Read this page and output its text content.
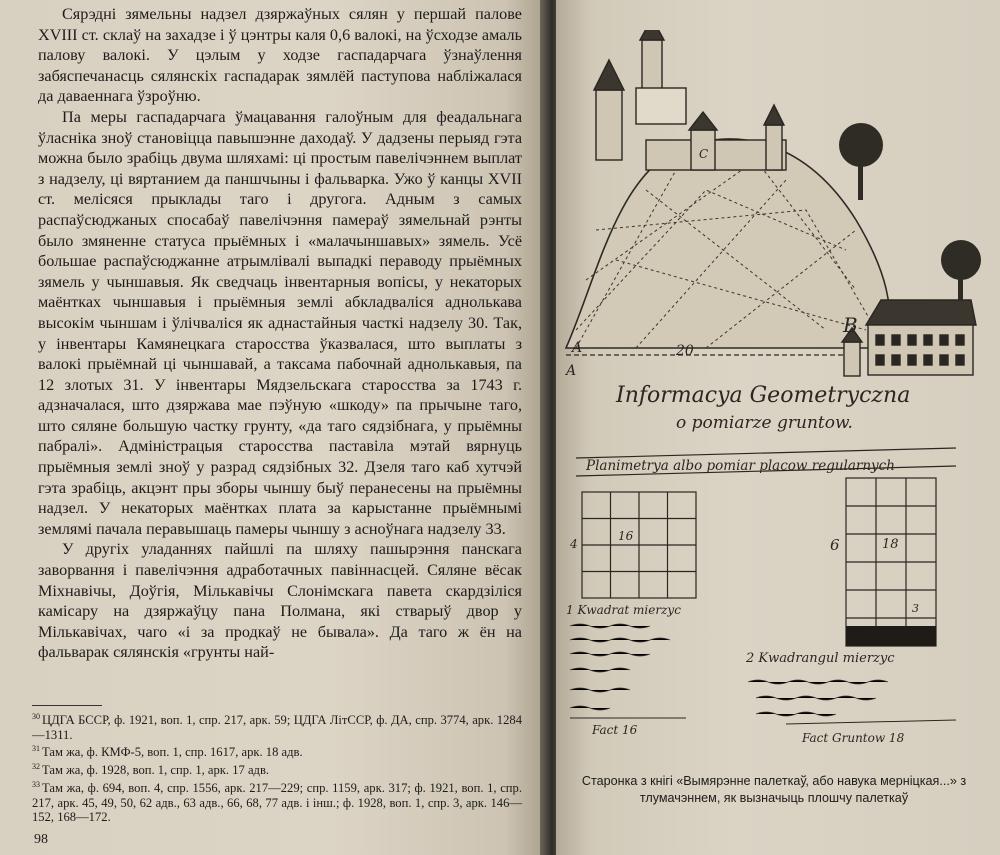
Сярэдні зямельны надзел дзяржаўных сялян у першай палове XVIII ст. склаў на захадзе і ў цэнтры каля 0,6 валокі, на ўсходзе амаль палову валокі. У цэлым у ходзе гаспадарчага ўзнаўлення забяспечанасць сялянскіх гаспадарак зямлёй паступова набліжалася да даваеннага ўзроўню.

Па меры гаспадарчага ўмацавання галоўным для феадальнага ўласніка зноў становіцца павышэнне даходаў. У дадзены перыяд гэта можна было зрабіць двума шляхамі: ці простым павелічэннем выплат з надзелу, ці вяртанием да паншчыны і фальварка. Ужо ў канцы XVII ст. мелісяся прыклады таго і другога. Адным з самых распаўсюджаных спосабаў павелічэння памераў зямельнай рэнты было змяненне статуса прыёмных і «малачыншавых» зямель. Усё большае распаўсюджанне атрымлівалі выпадкі пераводу прыёмных зямель у чыншавыя. Як сведчаць інвентарныя вопісы, у некаторых маёнтках чыншавыя і прыёмныя землі абкладваліся аднолькава высокім чыншам і ўлічваліся як аднастайныя часткі надзелу 30. Так, у інвентары Камянецкага старосства ўказвалася, што выплаты з валокі прыёмнай ці чыншавай, а таксама пабочнай аднолькавыя, па 12 злотых 31. У інвентары Мядзельскага старосства за 1743 г. адзначалася, што дзяржава мае пэўную «шкоду» па прычыне таго, што сяляне большую частку грунту, «да таго сядзібнага, у прыёмны пабралі». Адміністрацыя старосства паставіла мэтай вярнуць прыёмныя землі зноў у разрад сядзібных 32. Дзеля таго каб хутчэй гэта зрабіць, акцэнт пры зборы чыншу быў перанесены на прыёмны надзел. У некаторых маёнтках плата за карыстанне прыёмнымі землямі пачала перавышаць памеры чыншу з асноўнага надзелу 33.

У другіх уладаннях пайшлі па шляху пашырэння панскага заворвання і павелічэння адработачных павіннасцей. Сяляне вёсак Міхнавічы, Доўгія, Мількавічы Слонімскага павета скардзіліся камісару на дзяржаўцу пана Полмана, які стварыў двор у Мількавічах, чаго «і за продкаў не бывала». Да таго ж ён на фальварак сялянскія «грунты най-

$^{30}$ ЦДГА БССР, ф. 1921, воп. 1, спр. 217, арк. 59; ЦДГА ЛітССР, ф. ДА, спр. 3774, арк. 1284—1311.

$^{31}$ Там жа, ф. КМФ-5, воп. 1, спр. 1617, арк. 18 адв.

$^{32}$ Там жа, ф. 1928, воп. 1, спр. 1, арк. 17 адв.

$^{33}$ Там жа, ф. 694, воп. 4, спр. 1556, арк. 217—229; спр. 1159, арк. 317; ф. 1921, воп. 1, спр. 217, арк. 45, 49, 50, 62 адв., 63 адв., 66, 68, 77 адв. і інш.; ф. 1928, воп. 1, спр. 3, арк. 146—152, 168—172.

98
A
A
B
C
20
Informacya Geometryczna
o pomiarze gruntow.
Planimetrya albo pomiar placow regularnych
4
16
1 Kwadrat mierzyc
Fact 16
6	18
3
2 Kwadrangul mierzyc
Fact Gruntow 18
Старонка з кнігі «Вымярэнне палеткаў, або навука мерніцкая...» з тлумачэннем, як вызначыць плошчу палеткаў
